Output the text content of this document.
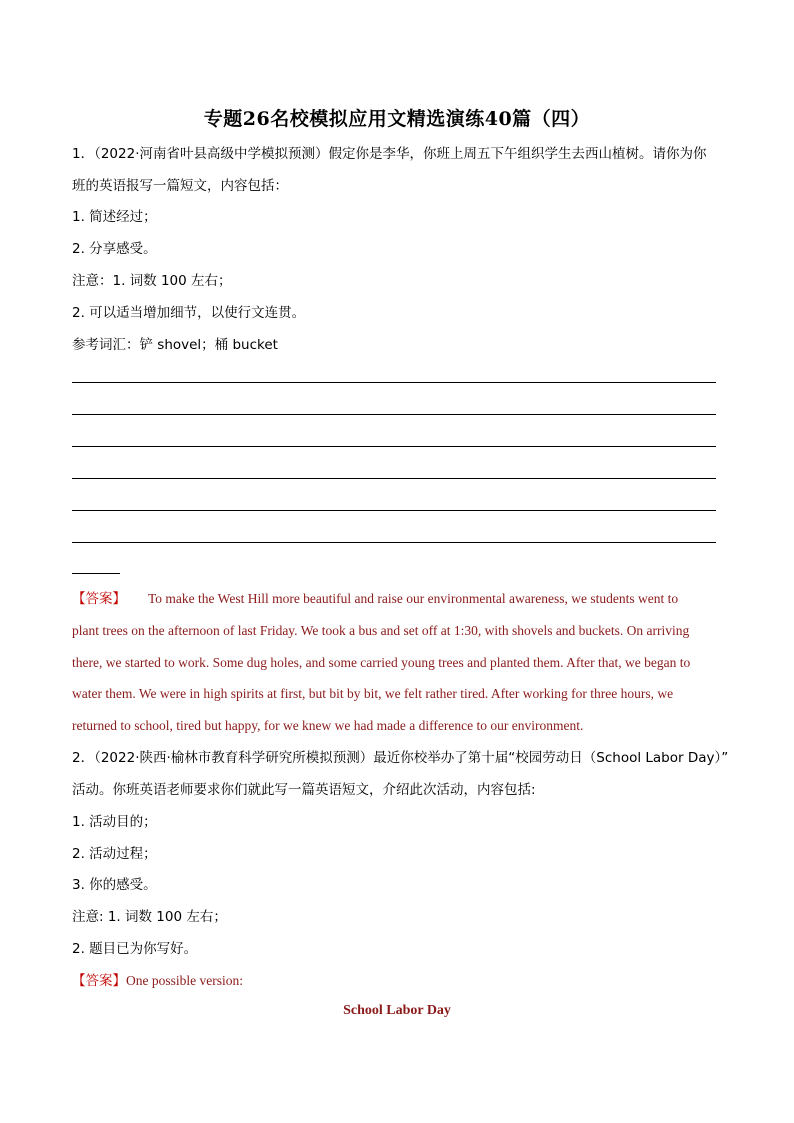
专题26名校模拟应用文精选演练40篇（四）
1．（2022·河南省叶县高级中学模拟预测）假定你是李华，你班上周五下午组织学生去西山植树。请你为你
班的英语报写一篇短文，内容包括：
1. 简述经过；
2. 分享感受。
注意：1. 词数 100 左右；
2. 可以适当增加细节，以使行文连贯。
参考词汇：铲 shovel；桶 bucket
【答案】 To make the West Hill more beautiful and raise our environmental awareness, we students went to
plant trees on the afternoon of last Friday. We took a bus and set off at 1:30, with shovels and buckets. On arriving
there, we started to work. Some dug holes, and some carried young trees and planted them. After that, we began to
water them. We were in high spirits at first, but bit by bit, we felt rather tired. After working for three hours, we
returned to school, tired but happy, for we knew we had made a difference to our environment.
2．（2022·陕西·榆林市教育科学研究所模拟预测）最近你校举办了第十届“校园劳动日（School Labor Day）”
活动。你班英语老师要求你们就此写一篇英语短文，介绍此次活动，内容包括:
1. 活动目的；
2. 活动过程；
3. 你的感受。
注意: 1. 词数 100 左右；
2. 题目已为你写好。
【答案】One possible version:
School Labor Day
